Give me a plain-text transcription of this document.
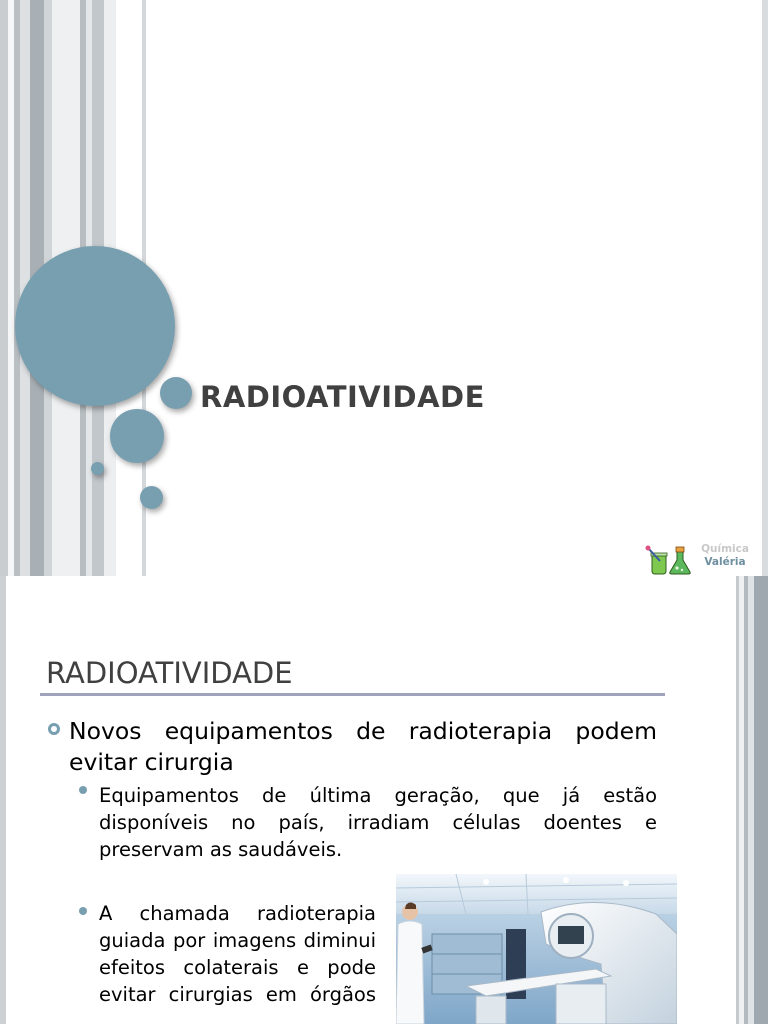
RADIOATIVIDADE
Química
Valéria
RADIOATIVIDADE
Novos equipamentos de radioterapia podem evitar cirurgia
Equipamentos de última geração, que já estão disponíveis no país, irradiam células doentes e preservam as saudáveis.
A chamada radioterapia guiada por imagens diminui efeitos colaterais e pode evitar cirurgias em órgãos
